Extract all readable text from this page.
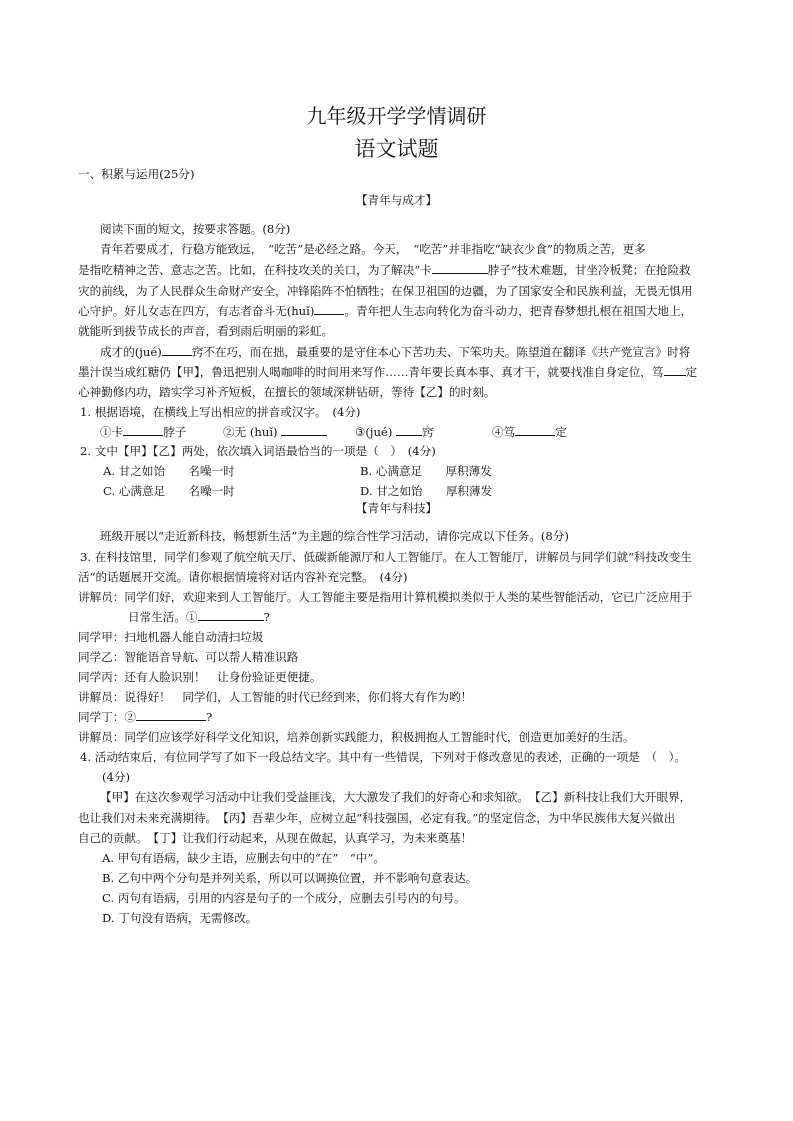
九年级开学学情调研
语文试题
一、积累与运用(25分)
【青年与成才】
阅读下面的短文，按要求答题。(8分)
青年若要成才，行稳方能致远，　“吃苦”是必经之路。今天，　“吃苦”并非指吃“缺衣少食”的物质之苦，更多
是指吃精神之苦、意志之苦。比如，在科技攻关的关口，为了解决“卡	脖子”技术难题，甘坐冷板凳；在抢险救
灾的前线，为了人民群众生命财产安全，冲锋陷阵不怕牺牲；在保卫祖国的边疆，为了国家安全和民族利益，无畏无惧用
心守护。好儿女志在四方，有志者奋斗无(huǐ)	。青年把人生志向转化为奋斗动力，把青春梦想扎根在祖国大地上，
就能听到拔节成长的声音，看到雨后明丽的彩虹。
成才的(jué)	窍不在巧，而在拙，最重要的是守住本心下苦功夫、下笨功夫。陈望道在翻译《共产党宣言》时将
墨汁误当成红糖仍【甲】，鲁迅把别人喝咖啡的时间用来写作……青年要长真本事、真才干，就要找准自身定位，笃 定
心神勤修内功，踏实学习补齐短板，在擅长的领域深耕钻研，等待【乙】的时刻。
1. 根据语境，在横线上写出相应的拼音或汉字。　(4分)
①卡	脖子	②无 (huǐ)	③(jué)	窍	④笃	定
2. 文中【甲】【乙】两处，依次填入词语最恰当的一项是（　）　(4分)
A. 甘之如饴　　名噪一时	B. 心满意足　　厚积薄发
C. 心满意足　　名噪一时	D. 甘之如饴　　厚积薄发
【青年与科技】
班级开展以“走近新科技，畅想新生活”为主题的综合性学习活动，请你完成以下任务。(8分)
3. 在科技馆里，同学们参观了航空航天厅、低碳新能源厅和人工智能厅。在人工智能厅，讲解员与同学们就“科技改变生
活”的话题展开交流。请你根据情境将对话内容补充完整。　(4分)
讲解员：同学们好，欢迎来到人工智能厅。人工智能主要是指用计算机模拟类似于人类的某些智能活动，它已广泛应用于
日常生活。①	?
同学甲：扫地机器人能自动清扫垃圾
同学乙：智能语音导航、可以帮人精准识路
同学丙：还有人脸识别！　让身份验证更便捷。
讲解员：说得好！　同学们，人工智能的时代已经到来，你们将大有作为哟！
同学丁：②	?
讲解员：同学们应该学好科学文化知识，培养创新实践能力，积极拥抱人工智能时代，创造更加美好的生活。
4. 活动结束后，有位同学写了如下一段总结文字。其中有一些错误，下列对于修改意见的表述，正确的一项是　（　）。
(4分)
【甲】在这次参观学习活动中让我们受益匪浅，大大激发了我们的好奇心和求知欲。　【乙】新科技让我们大开眼界，
也让我们对未来充满期待。　【丙】吾辈少年，应树立起“科技强国，必定有我。”的坚定信念，为中华民族伟大复兴做出
自己的贡献。　【丁】让我们行动起来，从现在做起，认真学习，为未来奠基！
A. 甲句有语病，缺少主语，应删去句中的“在”　“中”。
B. 乙句中两个分句是并列关系，所以可以调换位置，并不影响句意表达。
C. 丙句有语病，引用的内容是句子的一个成分，应删去引号内的句号。
D. 丁句没有语病，无需修改。
